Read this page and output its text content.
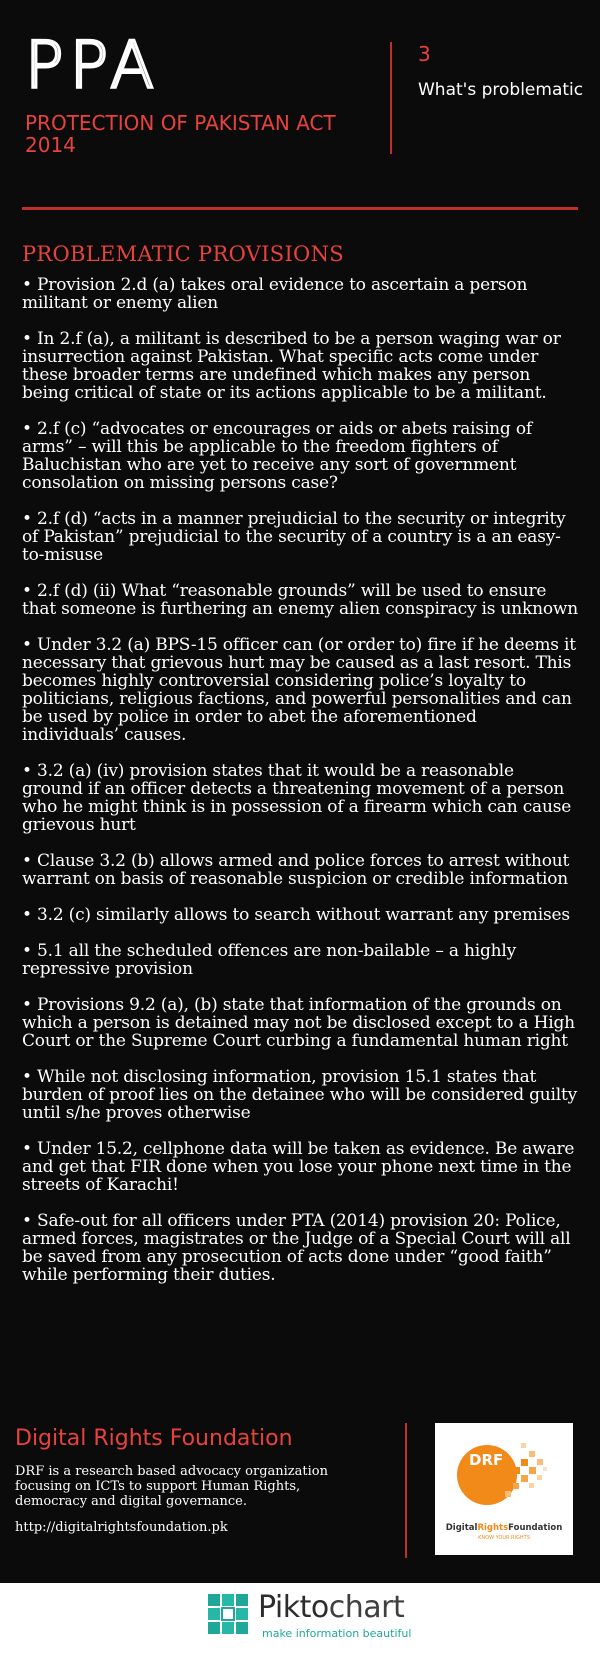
PPA
PROTECTION OF PAKISTAN ACT 2014
3
What's problematic
PROBLEMATIC PROVISIONS
• Provision 2.d (a) takes oral evidence to ascertain a person militant or enemy alien
• In 2.f (a), a militant is described to be a person waging war or insurrection against Pakistan. What specific acts come under these broader terms are undefined which makes any person being critical of state or its actions applicable to be a militant.
• 2.f (c) “advocates or encourages or aids or abets raising of arms” – will this be applicable to the freedom fighters of Baluchistan who are yet to receive any sort of government consolation on missing persons case?
• 2.f (d) “acts in a manner prejudicial to the security or integrity of Pakistan” prejudicial to the security of a country is a an easy-to-misuse
• 2.f (d) (ii) What “reasonable grounds” will be used to ensure that someone is furthering an enemy alien conspiracy is unknown
• Under 3.2 (a) BPS-15 officer can (or order to) fire if he deems it necessary that grievous hurt may be caused as a last resort. This becomes highly controversial considering police’s loyalty to politicians, religious factions, and powerful personalities and can be used by police in order to abet the aforementioned individuals’ causes.
• 3.2 (a) (iv) provision states that it would be a reasonable ground if an officer detects a threatening movement of a person who he might think is in possession of a firearm which can cause grievous hurt
• Clause 3.2 (b) allows armed and police forces to arrest without warrant on basis of reasonable suspicion or credible information
• 3.2 (c) similarly allows to search without warrant any premises
• 5.1 all the scheduled offences are non-bailable – a highly repressive provision
• Provisions 9.2 (a), (b) state that information of the grounds on which a person is detained may not be disclosed except to a High Court or the Supreme Court curbing a fundamental human right
• While not disclosing information, provision 15.1 states that burden of proof lies on the detainee who will be considered guilty until s/he proves otherwise
• Under 15.2, cellphone data will be taken as evidence. Be aware and get that FIR done when you lose your phone next time in the streets of Karachi!
• Safe-out for all officers under PTA (2014) provision 20: Police, armed forces, magistrates or the Judge of a Special Court will all be saved from any prosecution of acts done under “good faith” while performing their duties.
Digital Rights Foundation
DRF is a research based advocacy organization focusing on ICTs to support Human Rights, democracy and digital governance.
http://digitalrightsfoundation.pk
DRF
DigitalRightsFoundation
KNOW YOUR RIGHTS
Piktochart
make information beautiful
